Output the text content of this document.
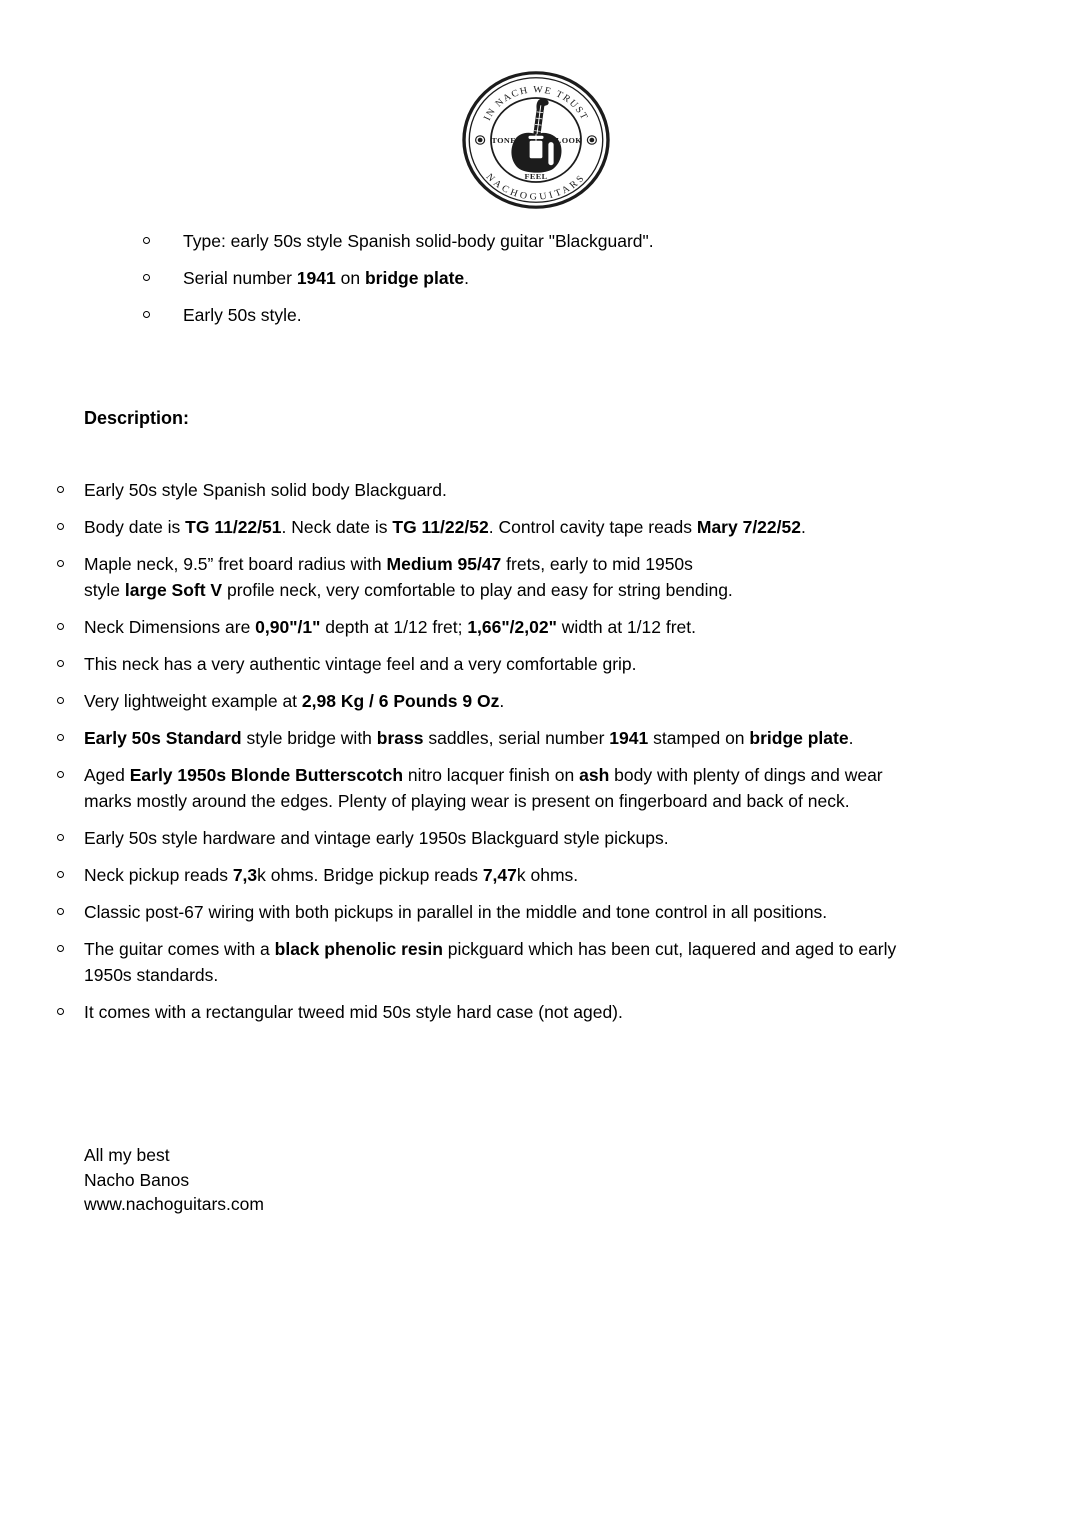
IN NACH WE TRUST
NACHOGUITARS
TONE	LOOK
FEEL
Type: early 50s style Spanish solid-body guitar "Blackguard".
Serial number 1941 on bridge plate.
Early 50s style.
Description:
Early 50s style Spanish solid body Blackguard.
Body date is TG 11/22/51. Neck date is TG 11/22/52. Control cavity tape reads Mary 7/22/52.
Maple neck, 9.5” fret board radius with Medium 95/47 frets, early to mid 1950s
style large Soft V profile neck, very comfortable to play and easy for string bending.
Neck Dimensions are 0,90"/1" depth at 1/12 fret; 1,66"/2,02" width at 1/12 fret.
This neck has a very authentic vintage feel and a very comfortable grip.
Very lightweight example at 2,98 Kg / 6 Pounds 9 Oz.
Early 50s Standard style bridge with brass saddles, serial number 1941 stamped on bridge plate.
Aged Early 1950s Blonde Butterscotch nitro lacquer finish on ash body with plenty of dings and wear
marks mostly around the edges. Plenty of playing wear is present on fingerboard and back of neck.
Early 50s style hardware and vintage early 1950s Blackguard style pickups.
Neck pickup reads 7,3k ohms. Bridge pickup reads 7,47k ohms.
Classic post-67 wiring with both pickups in parallel in the middle and tone control in all positions.
The guitar comes with a black phenolic resin pickguard which has been cut, laquered and aged to early
1950s standards.
It comes with a rectangular tweed mid 50s style hard case (not aged).
All my best
Nacho Banos
www.nachoguitars.com
